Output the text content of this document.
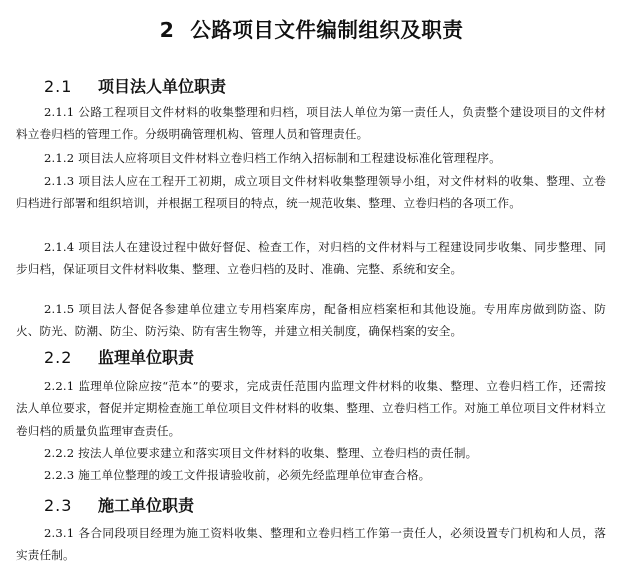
2 公路项目文件编制组织及职责
2.1 项目法人单位职责

2.1.1 公路工程项目文件材料的收集整理和归档，项目法人单位为第一责任人，负责整个建设项目的文件材料立卷归档的管理工作。分级明确管理机构、管理人员和管理责任。

2.1.2 项目法人应将项目文件材料立卷归档工作纳入招标制和工程建设标准化管理程序。

2.1.3 项目法人应在工程开工初期，成立项目文件材料收集整理领导小组，对文件材料的收集、整理、立卷归档进行部署和组织培训，并根据工程项目的特点，统一规范收集、整理、立卷归档的各项工作。

2.1.4 项目法人在建设过程中做好督促、检查工作，对归档的文件材料与工程建设同步收集、同步整理、同步归档，保证项目文件材料收集、整理、立卷归档的及时、准确、完整、系统和安全。

2.1.5 项目法人督促各参建单位建立专用档案库房，配备相应档案柜和其他设施。专用库房做到防盗、防火、防光、防潮、防尘、防污染、防有害生物等，并建立相关制度，确保档案的安全。

2.2 监理单位职责

2.2.1 监理单位除应按“范本”的要求，完成责任范围内监理文件材料的收集、整理、立卷归档工作，还需按法人单位要求，督促并定期检查施工单位项目文件材料的收集、整理、立卷归档工作。对施工单位项目文件材料立卷归档的质量负监理审查责任。

2.2.2 按法人单位要求建立和落实项目文件材料的收集、整理、立卷归档的责任制。

2.2.3 施工单位整理的竣工文件报请验收前，必须先经监理单位审查合格。

2.3 施工单位职责

2.3.1 各合同段项目经理为施工资料收集、整理和立卷归档工作第一责任人，必须设置专门机构和人员，落实责任制。
